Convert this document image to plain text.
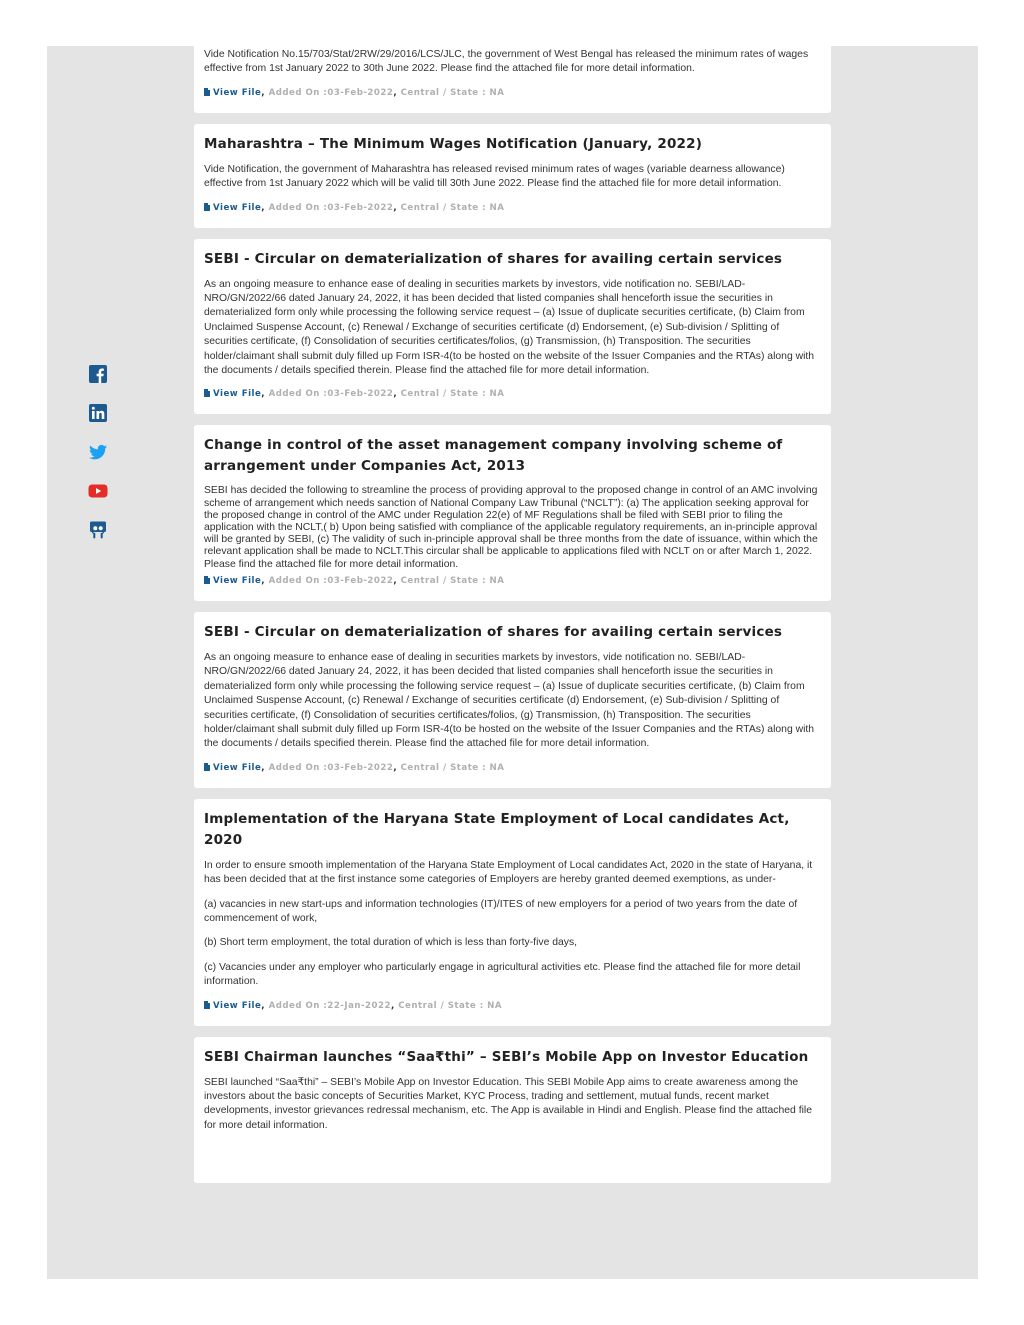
Vide Notification No.15/703/Stat/2RW/29/2016/LCS/JLC, the government of West Bengal has released the minimum rates of wages effective from 1st January 2022 to 30th June 2022. Please find the attached file for more detail information.

View File, Added On :03-Feb-2022, Central / State : NA
Maharashtra – The Minimum Wages Notification (January, 2022)

Vide Notification, the government of Maharashtra has released revised minimum rates of wages (variable dearness allowance) effective from 1st January 2022 which will be valid till 30th June 2022. Please find the attached file for more detail information.

View File, Added On :03-Feb-2022, Central / State : NA
SEBI - Circular on dematerialization of shares for availing certain services

As an ongoing measure to enhance ease of dealing in securities markets by investors, vide notification no. SEBI/LAD-NRO/GN/2022/66 dated January 24, 2022, it has been decided that listed companies shall henceforth issue the securities in dematerialized form only while processing the following service request – (a) Issue of duplicate securities certificate, (b) Claim from Unclaimed Suspense Account, (c) Renewal / Exchange of securities certificate (d) Endorsement, (e) Sub-division / Splitting of securities certificate, (f) Consolidation of securities certificates/folios, (g) Transmission, (h) Transposition. The securities holder/claimant shall submit duly filled up Form ISR-4(to be hosted on the website of the Issuer Companies and the RTAs) along with the documents / details specified therein. Please find the attached file for more detail information.

View File, Added On :03-Feb-2022, Central / State : NA
Change in control of the asset management company involving scheme of arrangement under Companies Act, 2013

SEBI has decided the following to streamline the process of providing approval to the proposed change in control of an AMC involving scheme of arrangement which needs sanction of National Company Law Tribunal (“NCLT”): (a) The application seeking approval for the proposed change in control of the AMC under Regulation 22(e) of MF Regulations shall be filed with SEBI prior to filing the application with the NCLT,( b) Upon being satisfied with compliance of the applicable regulatory requirements, an in-principle approval will be granted by SEBI, (c) The validity of such in-principle approval shall be three months from the date of issuance, within which the relevant application shall be made to NCLT.This circular shall be applicable to applications filed with NCLT on or after March 1, 2022. Please find the attached file for more detail information.

View File, Added On :03-Feb-2022, Central / State : NA
SEBI - Circular on dematerialization of shares for availing certain services

As an ongoing measure to enhance ease of dealing in securities markets by investors, vide notification no. SEBI/LAD-NRO/GN/2022/66 dated January 24, 2022, it has been decided that listed companies shall henceforth issue the securities in dematerialized form only while processing the following service request – (a) Issue of duplicate securities certificate, (b) Claim from Unclaimed Suspense Account, (c) Renewal / Exchange of securities certificate (d) Endorsement, (e) Sub-division / Splitting of securities certificate, (f) Consolidation of securities certificates/folios, (g) Transmission, (h) Transposition. The securities holder/claimant shall submit duly filled up Form ISR-4(to be hosted on the website of the Issuer Companies and the RTAs) along with the documents / details specified therein. Please find the attached file for more detail information.

View File, Added On :03-Feb-2022, Central / State : NA
Implementation of the Haryana State Employment of Local candidates Act, 2020

In order to ensure smooth implementation of the Haryana State Employment of Local candidates Act, 2020 in the state of Haryana, it has been decided that at the first instance some categories of Employers are hereby granted deemed exemptions, as under-

(a) vacancies in new start-ups and information technologies (IT)/ITES of new employers for a period of two years from the date of commencement of work,

(b) Short term employment, the total duration of which is less than forty-five days,

(c) Vacancies under any employer who particularly engage in agricultural activities etc. Please find the attached file for more detail information.

View File, Added On :22-Jan-2022, Central / State : NA
SEBI Chairman launches “Saa₹thi” – SEBI’s Mobile App on Investor Education

SEBI launched “Saa₹thi” – SEBI’s Mobile App on Investor Education. This SEBI Mobile App aims to create awareness among the investors about the basic concepts of Securities Market, KYC Process, trading and settlement, mutual funds, recent market developments, investor grievances redressal mechanism, etc. The App is available in Hindi and English. Please find the attached file for more detail information.
